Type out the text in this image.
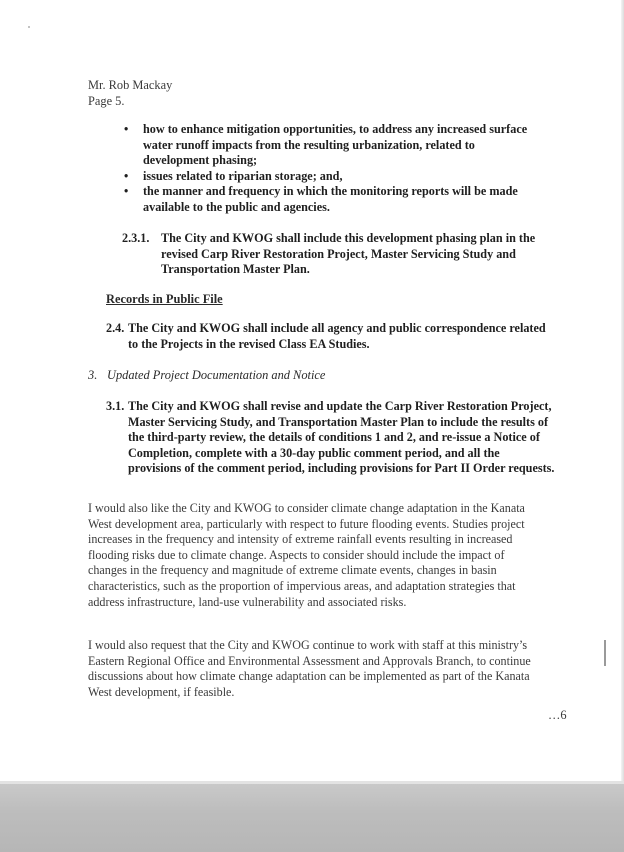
Mr. Rob Mackay
Page 5.
• how to enhance mitigation opportunities, to address any increased surface water runoff impacts from the resulting urbanization, related to development phasing;
• issues related to riparian storage; and,
• the manner and frequency in which the monitoring reports will be made available to the public and agencies.
2.3.1. The City and KWOG shall include this development phasing plan in the revised Carp River Restoration Project, Master Servicing Study and Transportation Master Plan.
Records in Public File
2.4. The City and KWOG shall include all agency and public correspondence related to the Projects in the revised Class EA Studies.
3. Updated Project Documentation and Notice
3.1. The City and KWOG shall revise and update the Carp River Restoration Project, Master Servicing Study, and Transportation Master Plan to include the results of the third-party review, the details of conditions 1 and 2, and re-issue a Notice of Completion, complete with a 30-day public comment period, and all the provisions of the comment period, including provisions for Part II Order requests.
I would also like the City and KWOG to consider climate change adaptation in the Kanata West development area, particularly with respect to future flooding events. Studies project increases in the frequency and intensity of extreme rainfall events resulting in increased flooding risks due to climate change. Aspects to consider should include the impact of changes in the frequency and magnitude of extreme climate events, changes in basin characteristics, such as the proportion of impervious areas, and adaptation strategies that address infrastructure, land-use vulnerability and associated risks.
I would also request that the City and KWOG continue to work with staff at this ministry’s Eastern Regional Office and Environmental Assessment and Approvals Branch, to continue discussions about how climate change adaptation can be implemented as part of the Kanata West development, if feasible.
…6
